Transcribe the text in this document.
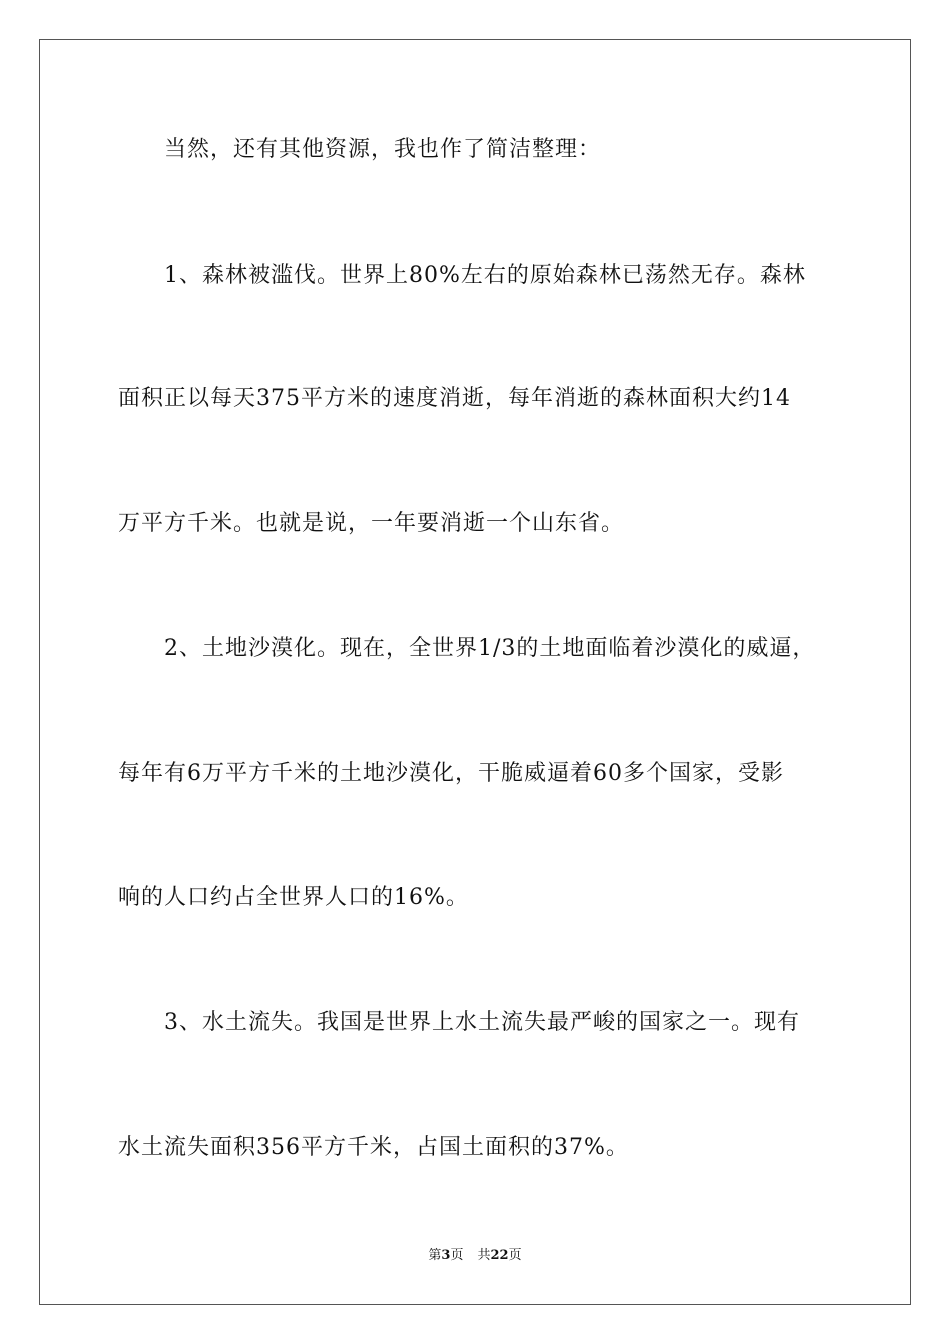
当然，还有其他资源，我也作了简洁整理：
1、森林被滥伐。世界上80%左右的原始森林已荡然无存。森林
面积正以每天375平方米的速度消逝，每年消逝的森林面积大约14
万平方千米。也就是说，一年要消逝一个山东省。
2、土地沙漠化。现在，全世界1/3的土地面临着沙漠化的威逼，
每年有6万平方千米的土地沙漠化，干脆威逼着60多个国家，受影
响的人口约占全世界人口的16%。
3、水土流失。我国是世界上水土流失最严峻的国家之一。现有
水土流失面积356平方千米，占国土面积的37%。
第3页 共22页
